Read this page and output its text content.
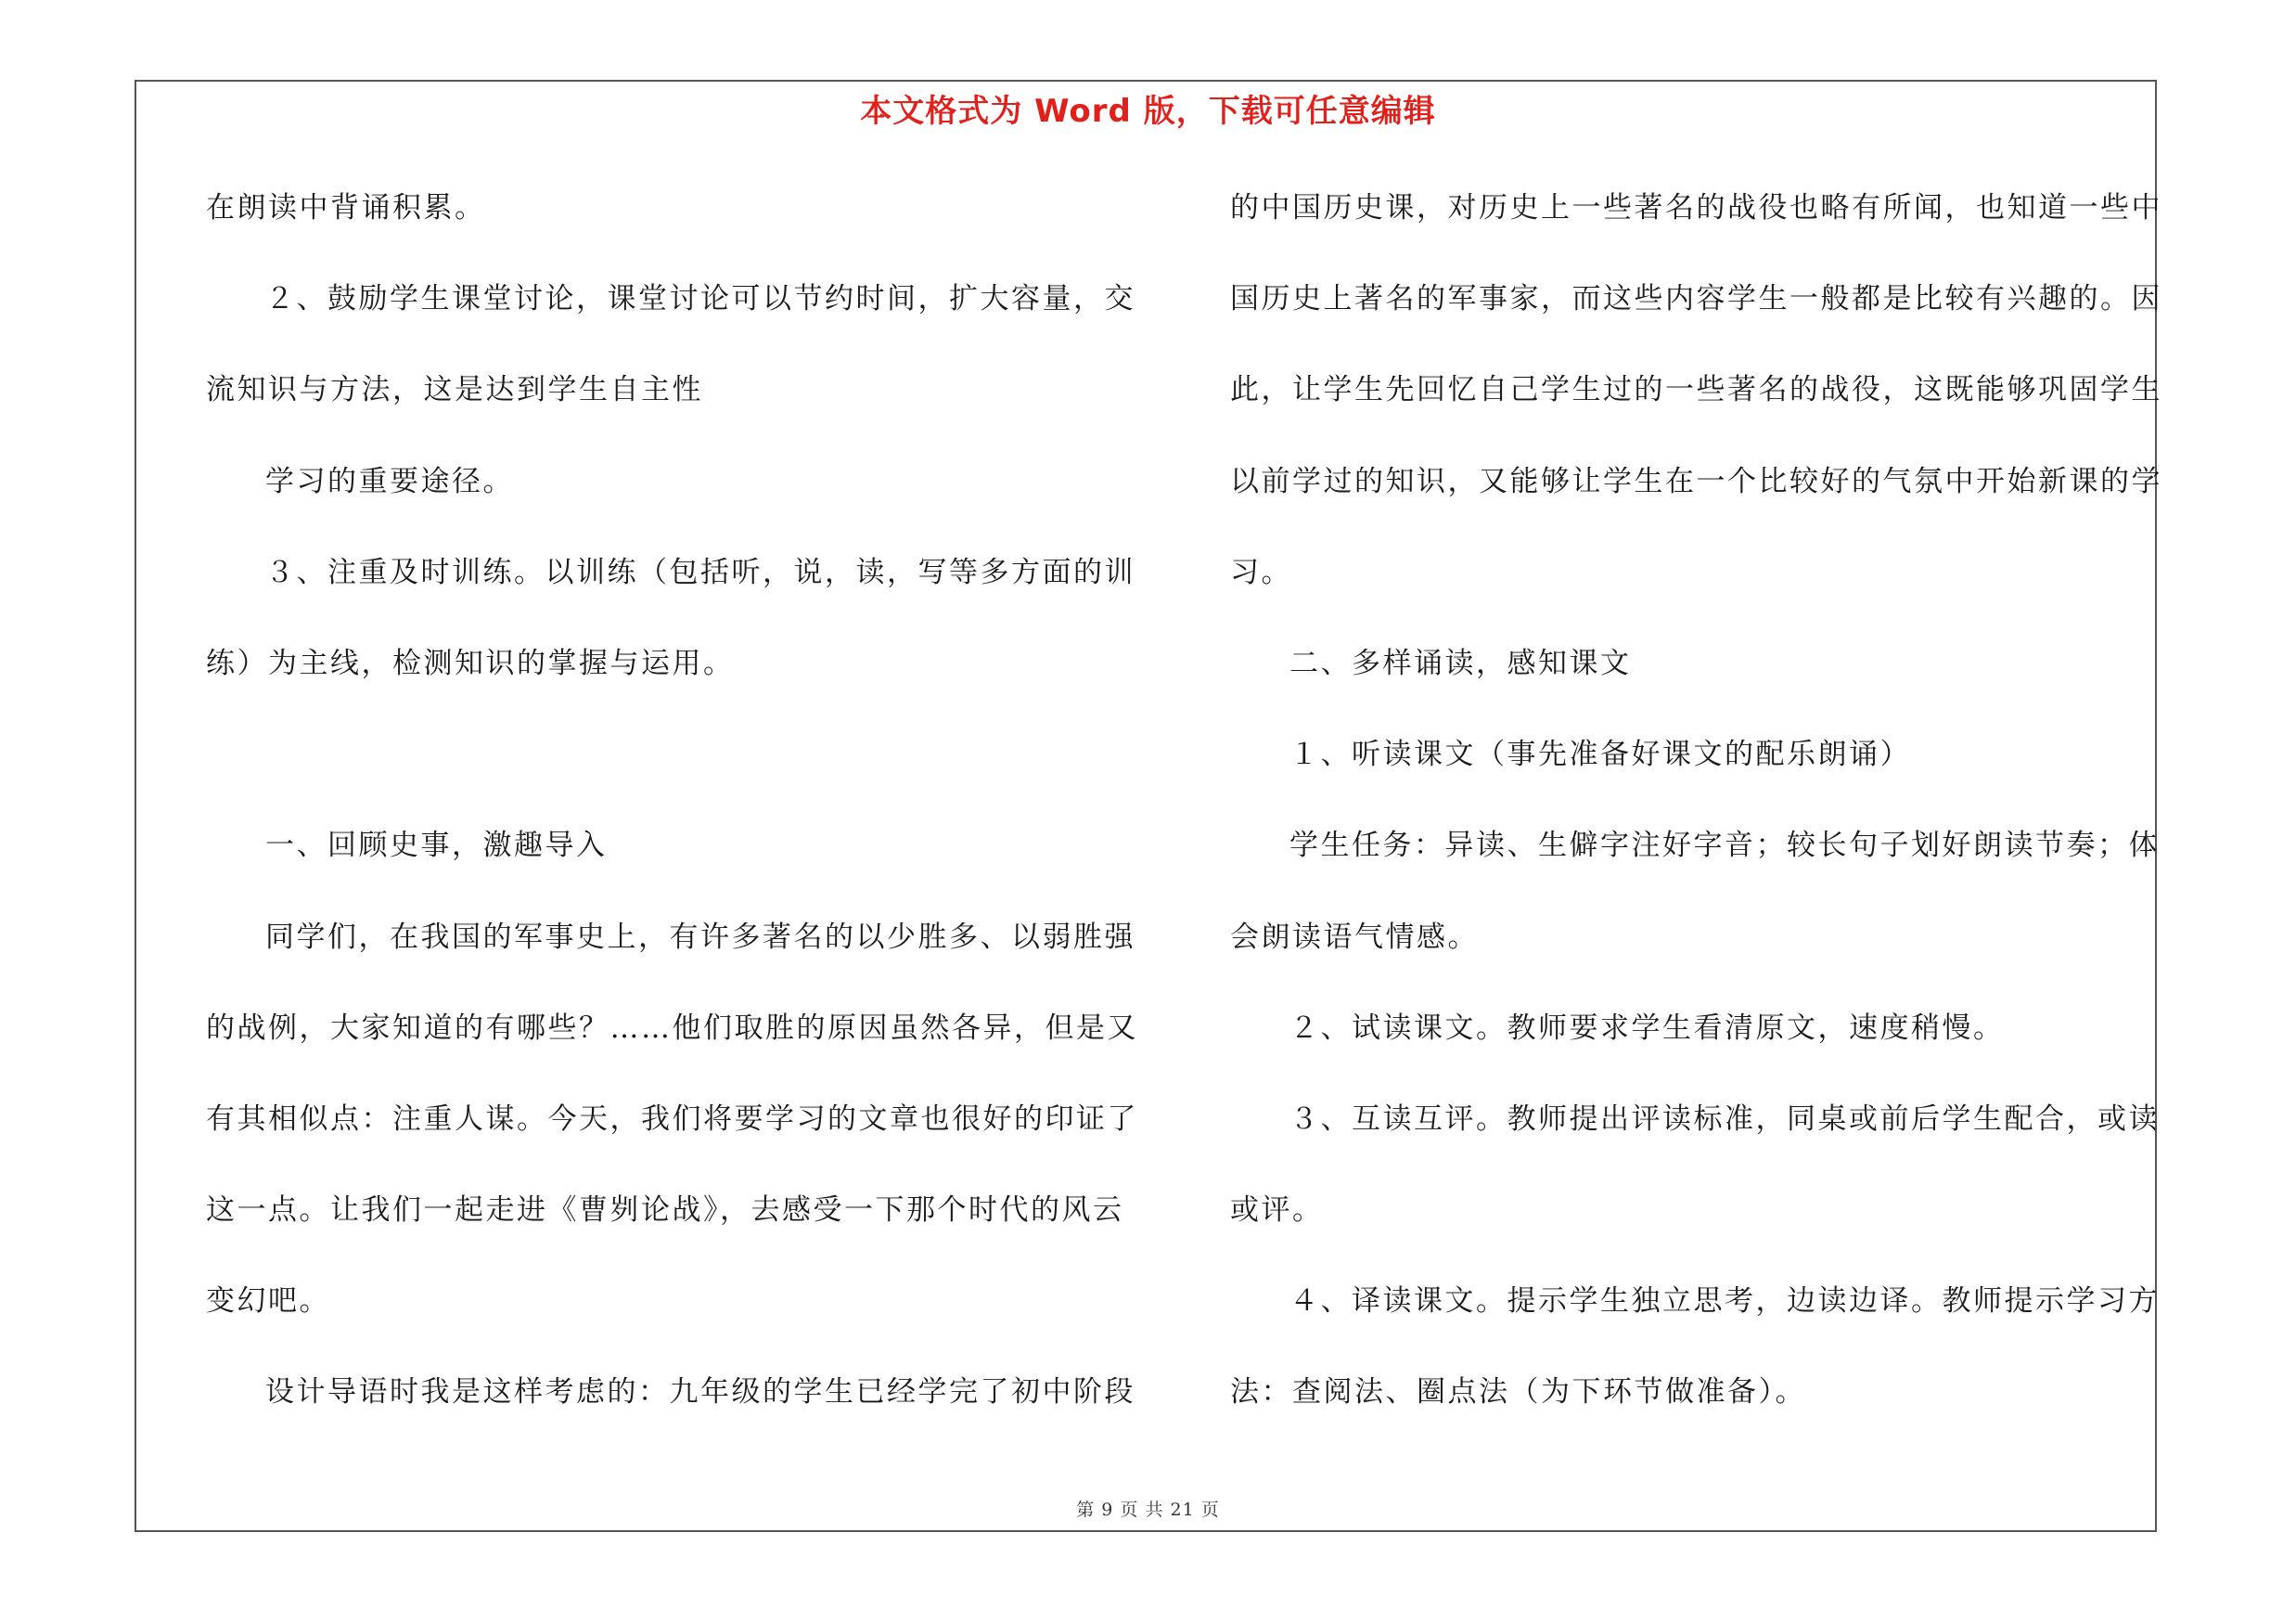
本文格式为 Word 版，下载可任意编辑
在朗读中背诵积累。
２、鼓励学生课堂讨论，课堂讨论可以节约时间，扩大容量，交
流知识与方法，这是达到学生自主性
学习的重要途径。
３、注重及时训练。以训练（包括听，说，读，写等多方面的训
练）为主线，检测知识的掌握与运用。
一、回顾史事，激趣导入
同学们，在我国的军事史上，有许多著名的以少胜多、以弱胜强
的战例，大家知道的有哪些？……他们取胜的原因虽然各异，但是又
有其相似点：注重人谋。今天，我们将要学习的文章也很好的印证了
这一点。让我们一起走进《曹刿论战》，去感受一下那个时代的风云
变幻吧。
设计导语时我是这样考虑的：九年级的学生已经学完了初中阶段
的中国历史课，对历史上一些著名的战役也略有所闻，也知道一些中
国历史上著名的军事家，而这些内容学生一般都是比较有兴趣的。因
此，让学生先回忆自己学生过的一些著名的战役，这既能够巩固学生
以前学过的知识，又能够让学生在一个比较好的气氛中开始新课的学
习。
二、多样诵读，感知课文
１、听读课文（事先准备好课文的配乐朗诵）
学生任务：异读、生僻字注好字音；较长句子划好朗读节奏；体
会朗读语气情感。
２、试读课文。教师要求学生看清原文，速度稍慢。
３、互读互评。教师提出评读标准，同桌或前后学生配合，或读
或评。
４、译读课文。提示学生独立思考，边读边译。教师提示学习方
法：查阅法、圈点法（为下环节做准备）。
第 9 页 共 21 页
